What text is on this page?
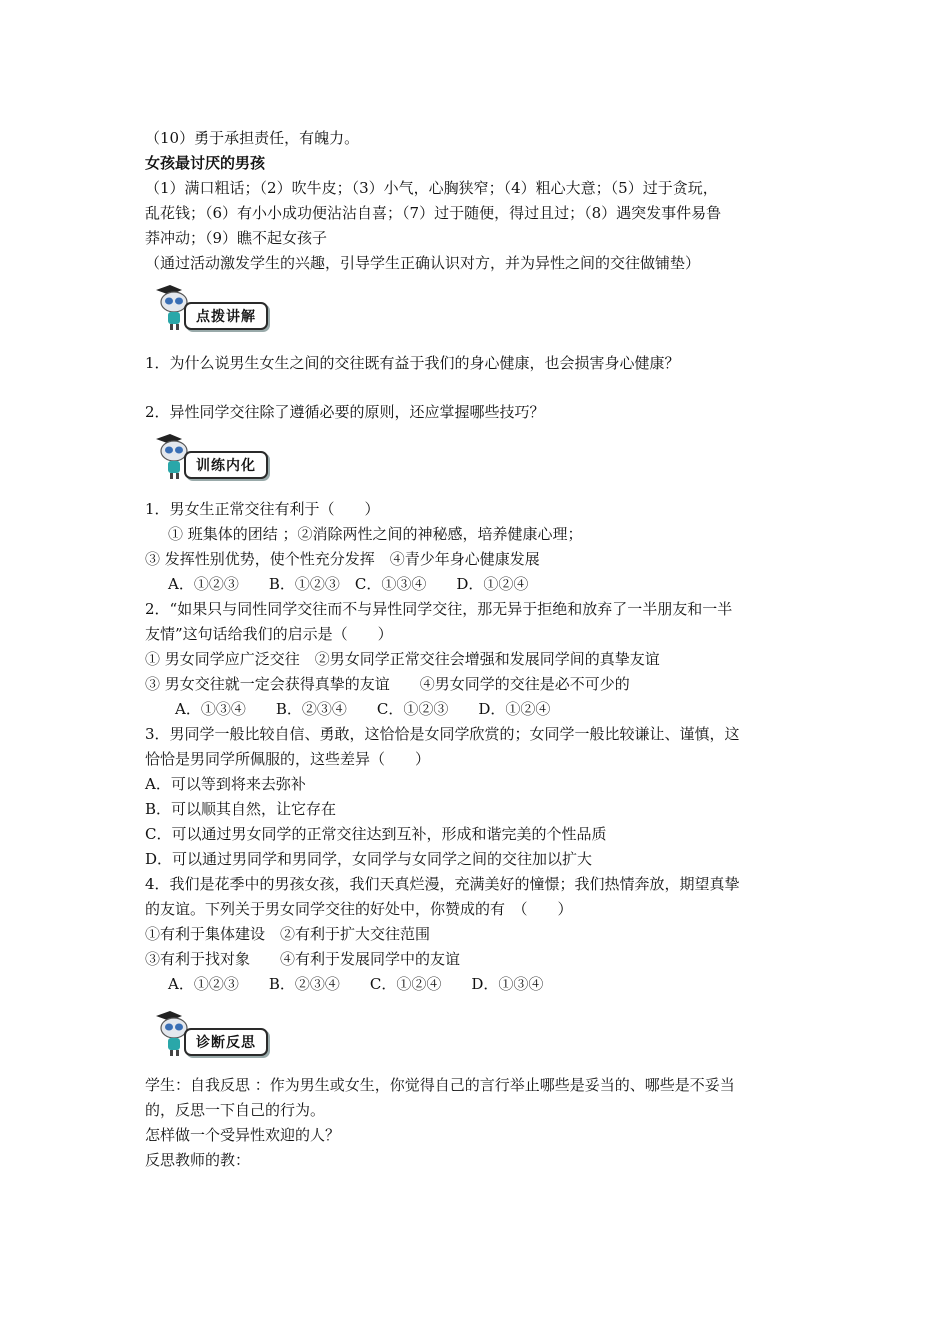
（10）勇于承担责任，有魄力。
女孩最讨厌的男孩
（1）满口粗话；（2）吹牛皮；（3）小气，心胸狭窄；（4）粗心大意；（5）过于贪玩，
乱花钱；（6）有小小成功便沾沾自喜；（7）过于随便，得过且过；（8）遇突发事件易鲁
莽冲动；（9）瞧不起女孩子
（通过活动激发学生的兴趣，引导学生正确认识对方，并为异性之间的交往做铺垫）
点拨讲解
1．为什么说男生女生之间的交往既有益于我们的身心健康，也会损害身心健康？
2．异性同学交往除了遵循必要的原则，还应掌握哪些技巧？
训练内化
1．男女生正常交往有利于（　　）
① 班集体的团结 ；②消除两性之间的神秘感，培养健康心理；
③ 发挥性别优势，使个性充分发挥　④青少年身心健康发展
A．①②③　　B．①②③　C．①③④　　D．①②④
2．“如果只与同性同学交往而不与异性同学交往，那无异于拒绝和放弃了一半朋友和一半
友情”这句话给我们的启示是（　　）
① 男女同学应广泛交往　②男女同学正常交往会增强和发展同学间的真挚友谊
③ 男女交往就一定会获得真挚的友谊　　④男女同学的交往是必不可少的
A．①③④　　B．②③④　　C．①②③　　D．①②④
3．男同学一般比较自信、勇敢，这恰恰是女同学欣赏的；女同学一般比较谦让、谨慎，这
恰恰是男同学所佩服的，这些差异（　　）
A．可以等到将来去弥补
B．可以顺其自然，让它存在
C．可以通过男女同学的正常交往达到互补，形成和谐完美的个性品质
D．可以通过男同学和男同学，女同学与女同学之间的交往加以扩大
4．我们是花季中的男孩女孩，我们天真烂漫，充满美好的憧憬；我们热情奔放，期望真挚
的友谊。下列关于男女同学交往的好处中，你赞成的有　（　　）
①有利于集体建设　②有利于扩大交往范围
③有利于找对象　　④有利于发展同学中的友谊
A．①②③　　B．②③④　　C．①②④　　D．①③④
诊断反思
学生：自我反思 ：作为男生或女生，你觉得自己的言行举止哪些是妥当的、哪些是不妥当
的，反思一下自己的行为。
怎样做一个受异性欢迎的人？
反思教师的教：
